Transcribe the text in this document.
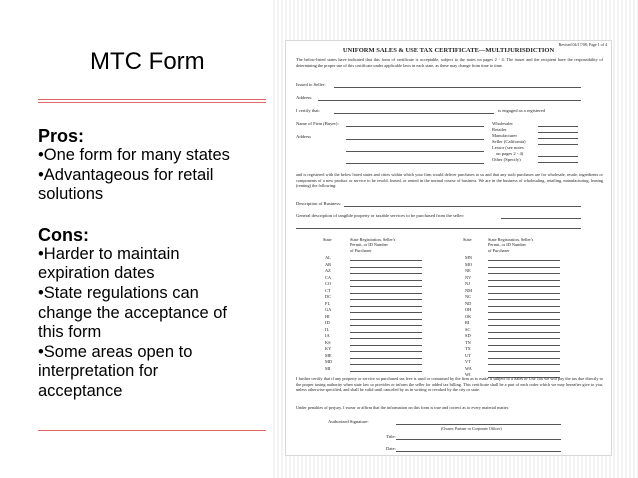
MTC Form
Pros:
•One form for many states
•Advantageous for retail
solutions
Cons:
•Harder to maintain
expiration dates
•State regulations can
change the acceptance of
this form
•Some areas open to
interpretation for
acceptance
Revised 04/17/08; Page 1 of 4
UNIFORM SALES & USE TAX CERTIFICATE—MULTIJURISDICTION
The below-listed states have indicated that this form of certificate is acceptable, subject to the notes on pages 2 - 4. The issuer and the recipient have the responsibility of determining the proper use of this certificate under applicable laws in each state, as these may change from time to time.
Issued to Seller:
Address:
I certify that:	is engaged as a registered
Name of Firm (Buyer):
Address
Wholesaler
Retailer
Manufacturer
Seller (California)
Lessor (see notes
on pages 2 - 4)
Other (Specify)
and is registered with the below listed states and cities within which your firm would deliver purchases to us and that any such purchases are for wholesale, resale, ingredients or components of a new product or service to be resold, leased, or rented in the normal course of business. We are in the business of wholesaling, retailing, manufacturing, leasing (renting) the following:
Description of Business:
General description of tangible property or taxable services to be purchased from the seller:
State	State Registration, Seller's
Permit, or ID Number
of Purchaser
State	State Registration, Seller's
Permit, or ID Number
of Purchaser
AL
AR
AZ
CA
CO
CT
DC
FL
GA
HI
ID
IL
IA
KS
KY
ME
MD
MI
MN
MO
NE
NV
NJ
NM
NC
ND
OH
OK
RI
SC
SD
TN
TX
UT
VT
WA
WI
I further certify that if any property or service so purchased tax free is used or consumed by the firm as to make it subject to a Sales or Use Tax we will pay the tax due directly to the proper taxing authority when state law so provides or inform the seller for added tax billing. This certificate shall be a part of each order which we may hereafter give to you, unless otherwise specified, and shall be valid until canceled by us in writing or revoked by the city or state.
Under penalties of perjury, I swear or affirm that the information on this form is true and correct as to every material matter.
Authorized Signature:
(Owner, Partner or Corporate Officer)
Title:
Date:
